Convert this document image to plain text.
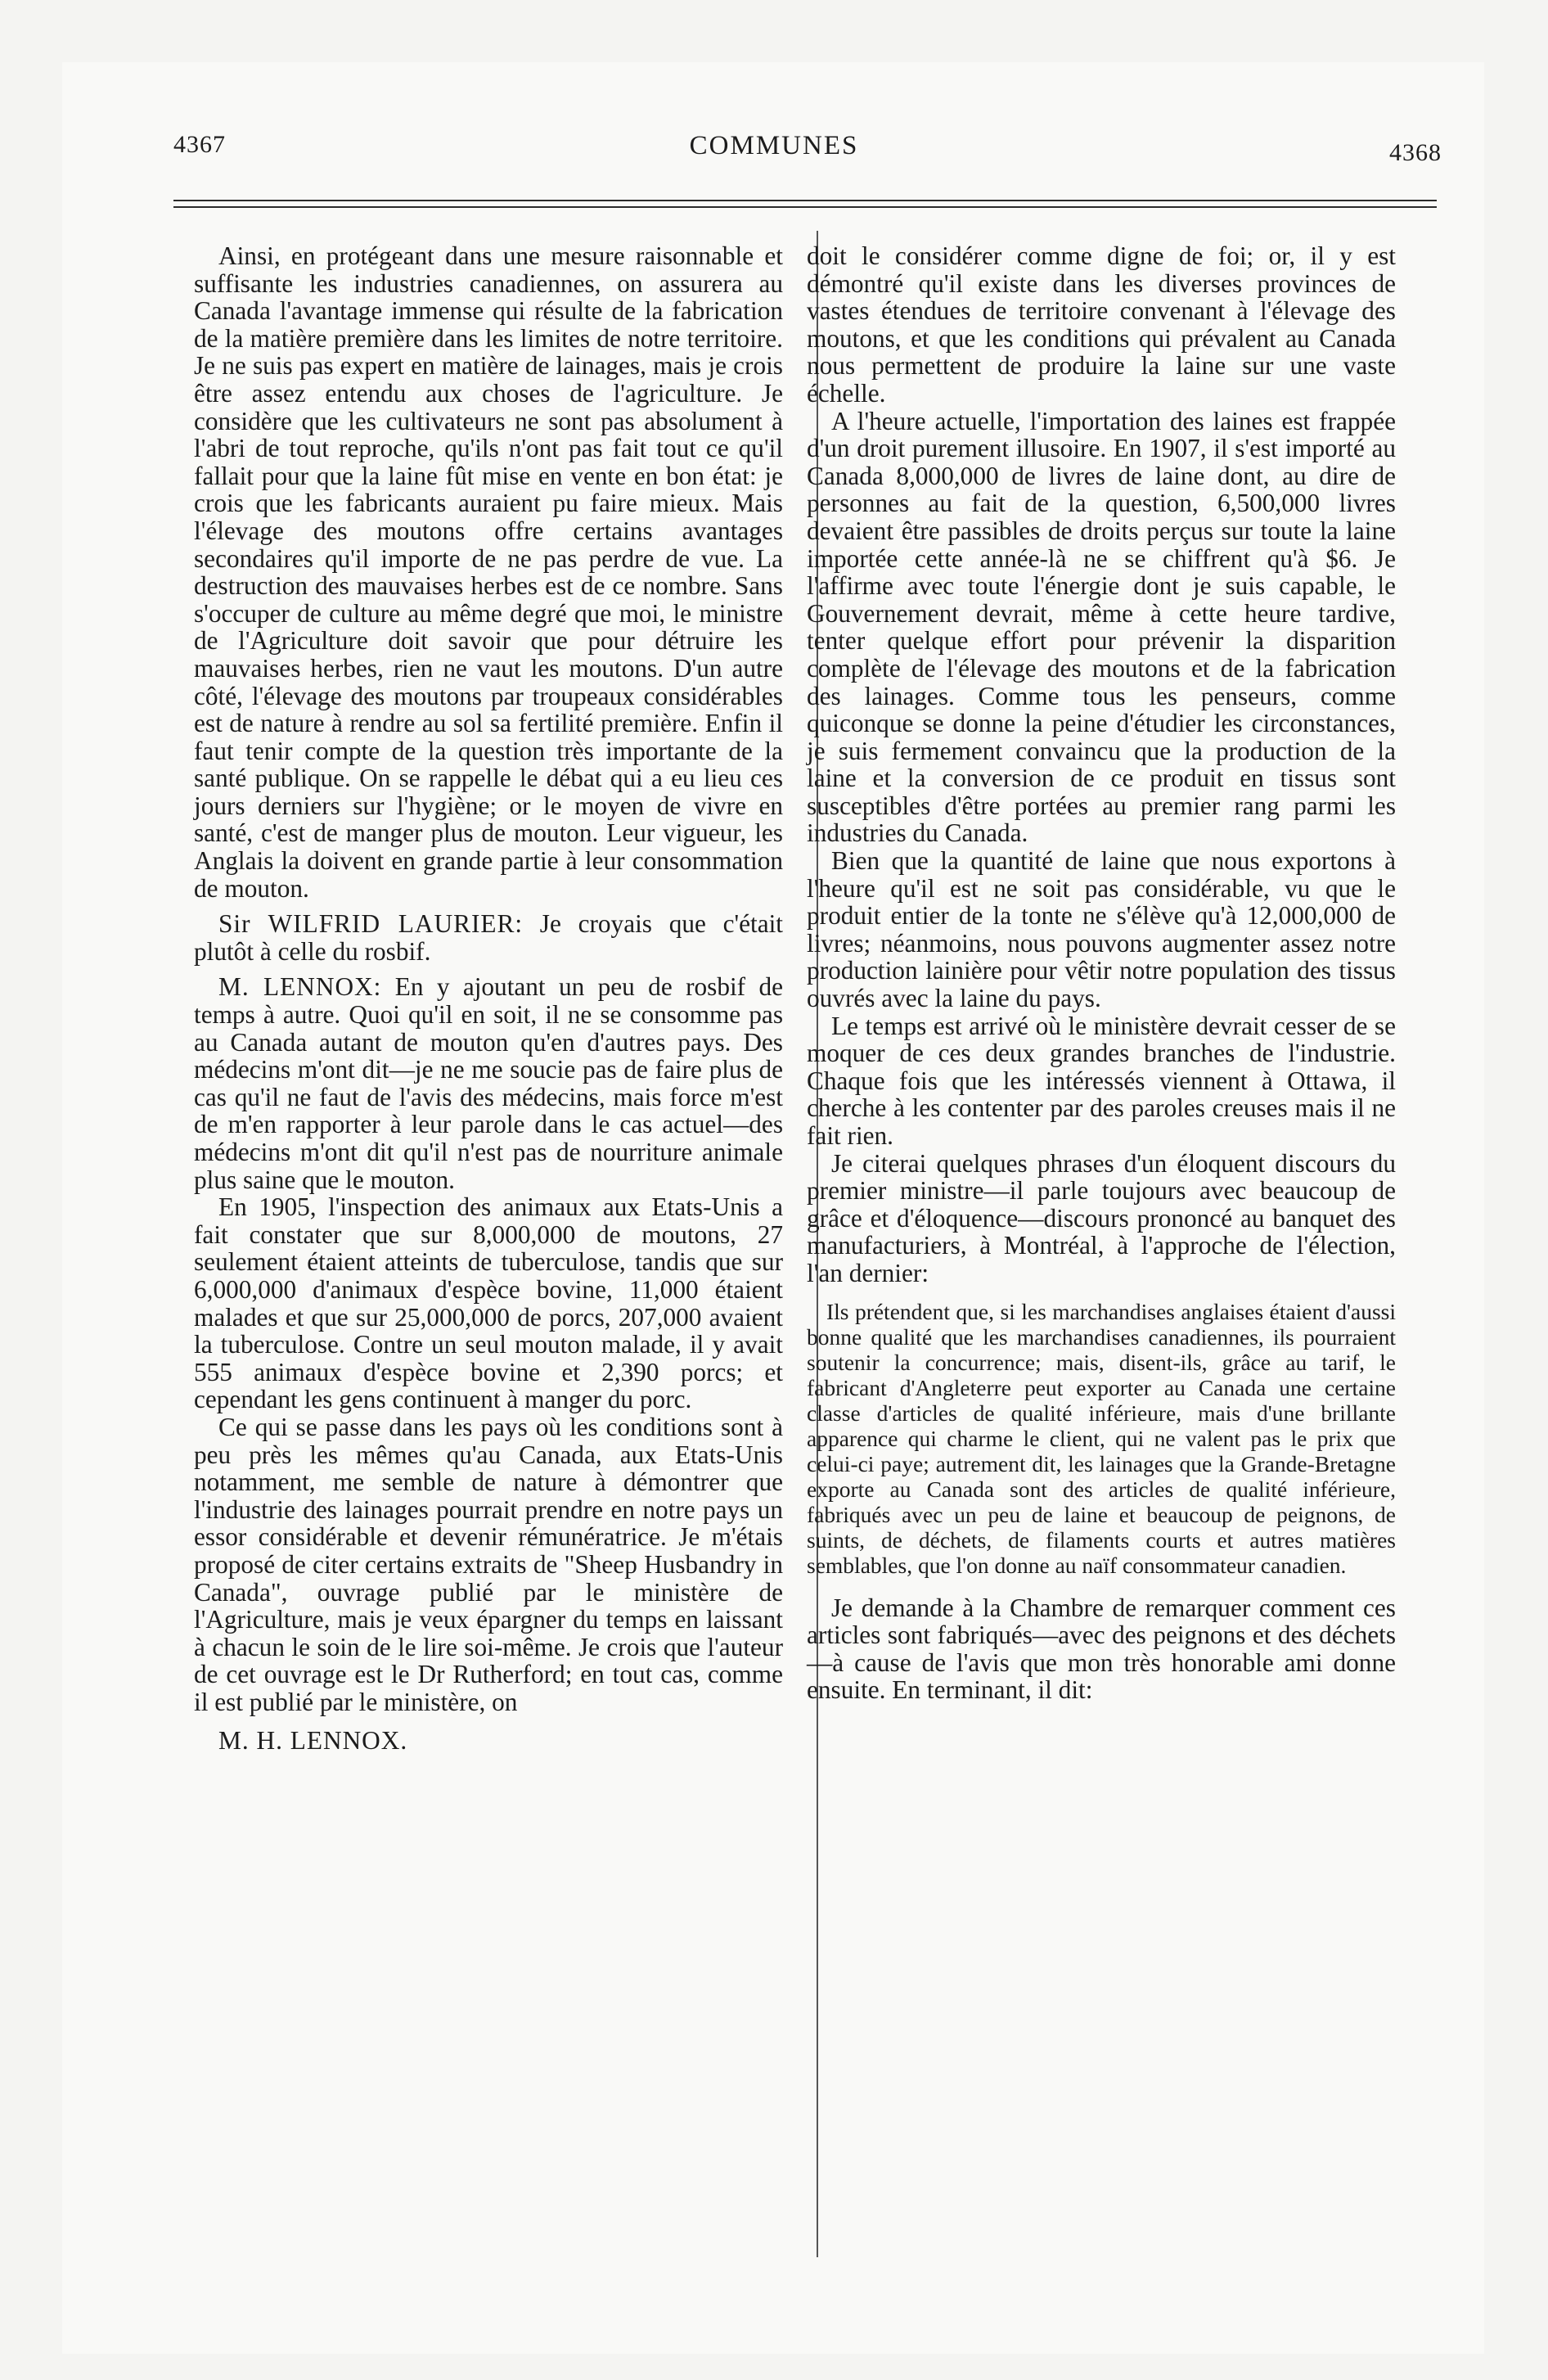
4367	COMMUNES	4368

Ainsi, en protégeant dans une mesure raisonnable et suffisante les industries canadiennes, on assurera au Canada l'avantage immense qui résulte de la fabrication de la matière première dans les limites de notre territoire. Je ne suis pas expert en matière de lainages, mais je crois être assez entendu aux choses de l'agriculture. Je considère que les cultivateurs ne sont pas absolument à l'abri de tout reproche, qu'ils n'ont pas fait tout ce qu'il fallait pour que la laine fût mise en vente en bon état: je crois que les fabricants auraient pu faire mieux. Mais l'élevage des moutons offre certains avantages secondaires qu'il importe de ne pas perdre de vue. La destruction des mauvaises herbes est de ce nombre. Sans s'occuper de culture au même degré que moi, le ministre de l'Agriculture doit savoir que pour détruire les mauvaises herbes, rien ne vaut les moutons. D'un autre côté, l'élevage des moutons par troupeaux considérables est de nature à rendre au sol sa fertilité première. Enfin il faut tenir compte de la question très importante de la santé publique. On se rappelle le débat qui a eu lieu ces jours derniers sur l'hygiène; or le moyen de vivre en santé, c'est de manger plus de mouton. Leur vigueur, les Anglais la doivent en grande partie à leur consommation de mouton.

Sir WILFRID LAURIER: Je croyais que c'était plutôt à celle du rosbif.

M. LENNOX: En y ajoutant un peu de rosbif de temps à autre. Quoi qu'il en soit, il ne se consomme pas au Canada autant de mouton qu'en d'autres pays. Des médecins m'ont dit—je ne me soucie pas de faire plus de cas qu'il ne faut de l'avis des médecins, mais force m'est de m'en rapporter à leur parole dans le cas actuel—des médecins m'ont dit qu'il n'est pas de nourriture animale plus saine que le mouton.

En 1905, l'inspection des animaux aux Etats-Unis a fait constater que sur 8,000,000 de moutons, 27 seulement étaient atteints de tuberculose, tandis que sur 6,000,000 d'animaux d'espèce bovine, 11,000 étaient malades et que sur 25,000,000 de porcs, 207,000 avaient la tuberculose. Contre un seul mouton malade, il y avait 555 animaux d'espèce bovine et 2,390 porcs; et cependant les gens continuent à manger du porc.

Ce qui se passe dans les pays où les conditions sont à peu près les mêmes qu'au Canada, aux Etats-Unis notamment, me semble de nature à démontrer que l'industrie des lainages pourrait prendre en notre pays un essor considérable et devenir rémunératrice. Je m'étais proposé de citer certains extraits de "Sheep Husbandry in Canada", ouvrage publié par le ministère de l'Agriculture, mais je veux épargner du temps en laissant à chacun le soin de le lire soi-même. Je crois que l'auteur de cet ouvrage est le Dr Rutherford; en tout cas, comme il est publié par le ministère, on

M. H. LENNOX.

doit le considérer comme digne de foi; or, il y est démontré qu'il existe dans les diverses provinces de vastes étendues de territoire convenant à l'élevage des moutons, et que les conditions qui prévalent au Canada nous permettent de produire la laine sur une vaste échelle.

A l'heure actuelle, l'importation des laines est frappée d'un droit purement illusoire. En 1907, il s'est importé au Canada 8,000,000 de livres de laine dont, au dire de personnes au fait de la question, 6,500,000 livres devaient être passibles de droits perçus sur toute la laine importée cette année-là ne se chiffrent qu'à $6. Je l'affirme avec toute l'énergie dont je suis capable, le Gouvernement devrait, même à cette heure tardive, tenter quelque effort pour prévenir la disparition complète de l'élevage des moutons et de la fabrication des lainages. Comme tous les penseurs, comme quiconque se donne la peine d'étudier les circonstances, je suis fermement convaincu que la production de la laine et la conversion de ce produit en tissus sont susceptibles d'être portées au premier rang parmi les industries du Canada.

Bien que la quantité de laine que nous exportons à l'heure qu'il est ne soit pas considérable, vu que le produit entier de la tonte ne s'élève qu'à 12,000,000 de livres; néanmoins, nous pouvons augmenter assez notre production lainière pour vêtir notre population des tissus ouvrés avec la laine du pays.

Le temps est arrivé où le ministère devrait cesser de se moquer de ces deux grandes branches de l'industrie. Chaque fois que les intéressés viennent à Ottawa, il cherche à les contenter par des paroles creuses mais il ne fait rien.

Je citerai quelques phrases d'un éloquent discours du premier ministre—il parle toujours avec beaucoup de grâce et d'éloquence—discours prononcé au banquet des manufacturiers, à Montréal, à l'approche de l'élection, l'an dernier:

Ils prétendent que, si les marchandises anglaises étaient d'aussi bonne qualité que les marchandises canadiennes, ils pourraient soutenir la concurrence; mais, disent-ils, grâce au tarif, le fabricant d'Angleterre peut exporter au Canada une certaine classe d'articles de qualité inférieure, mais d'une brillante apparence qui charme le client, qui ne valent pas le prix que celui-ci paye; autrement dit, les lainages que la Grande-Bretagne exporte au Canada sont des articles de qualité inférieure, fabriqués avec un peu de laine et beaucoup de peignons, de suints, de déchets, de filaments courts et autres matières semblables, que l'on donne au naïf consommateur canadien.

Je demande à la Chambre de remarquer comment ces articles sont fabriqués—avec des peignons et des déchets—à cause de l'avis que mon très honorable ami donne ensuite. En terminant, il dit:
